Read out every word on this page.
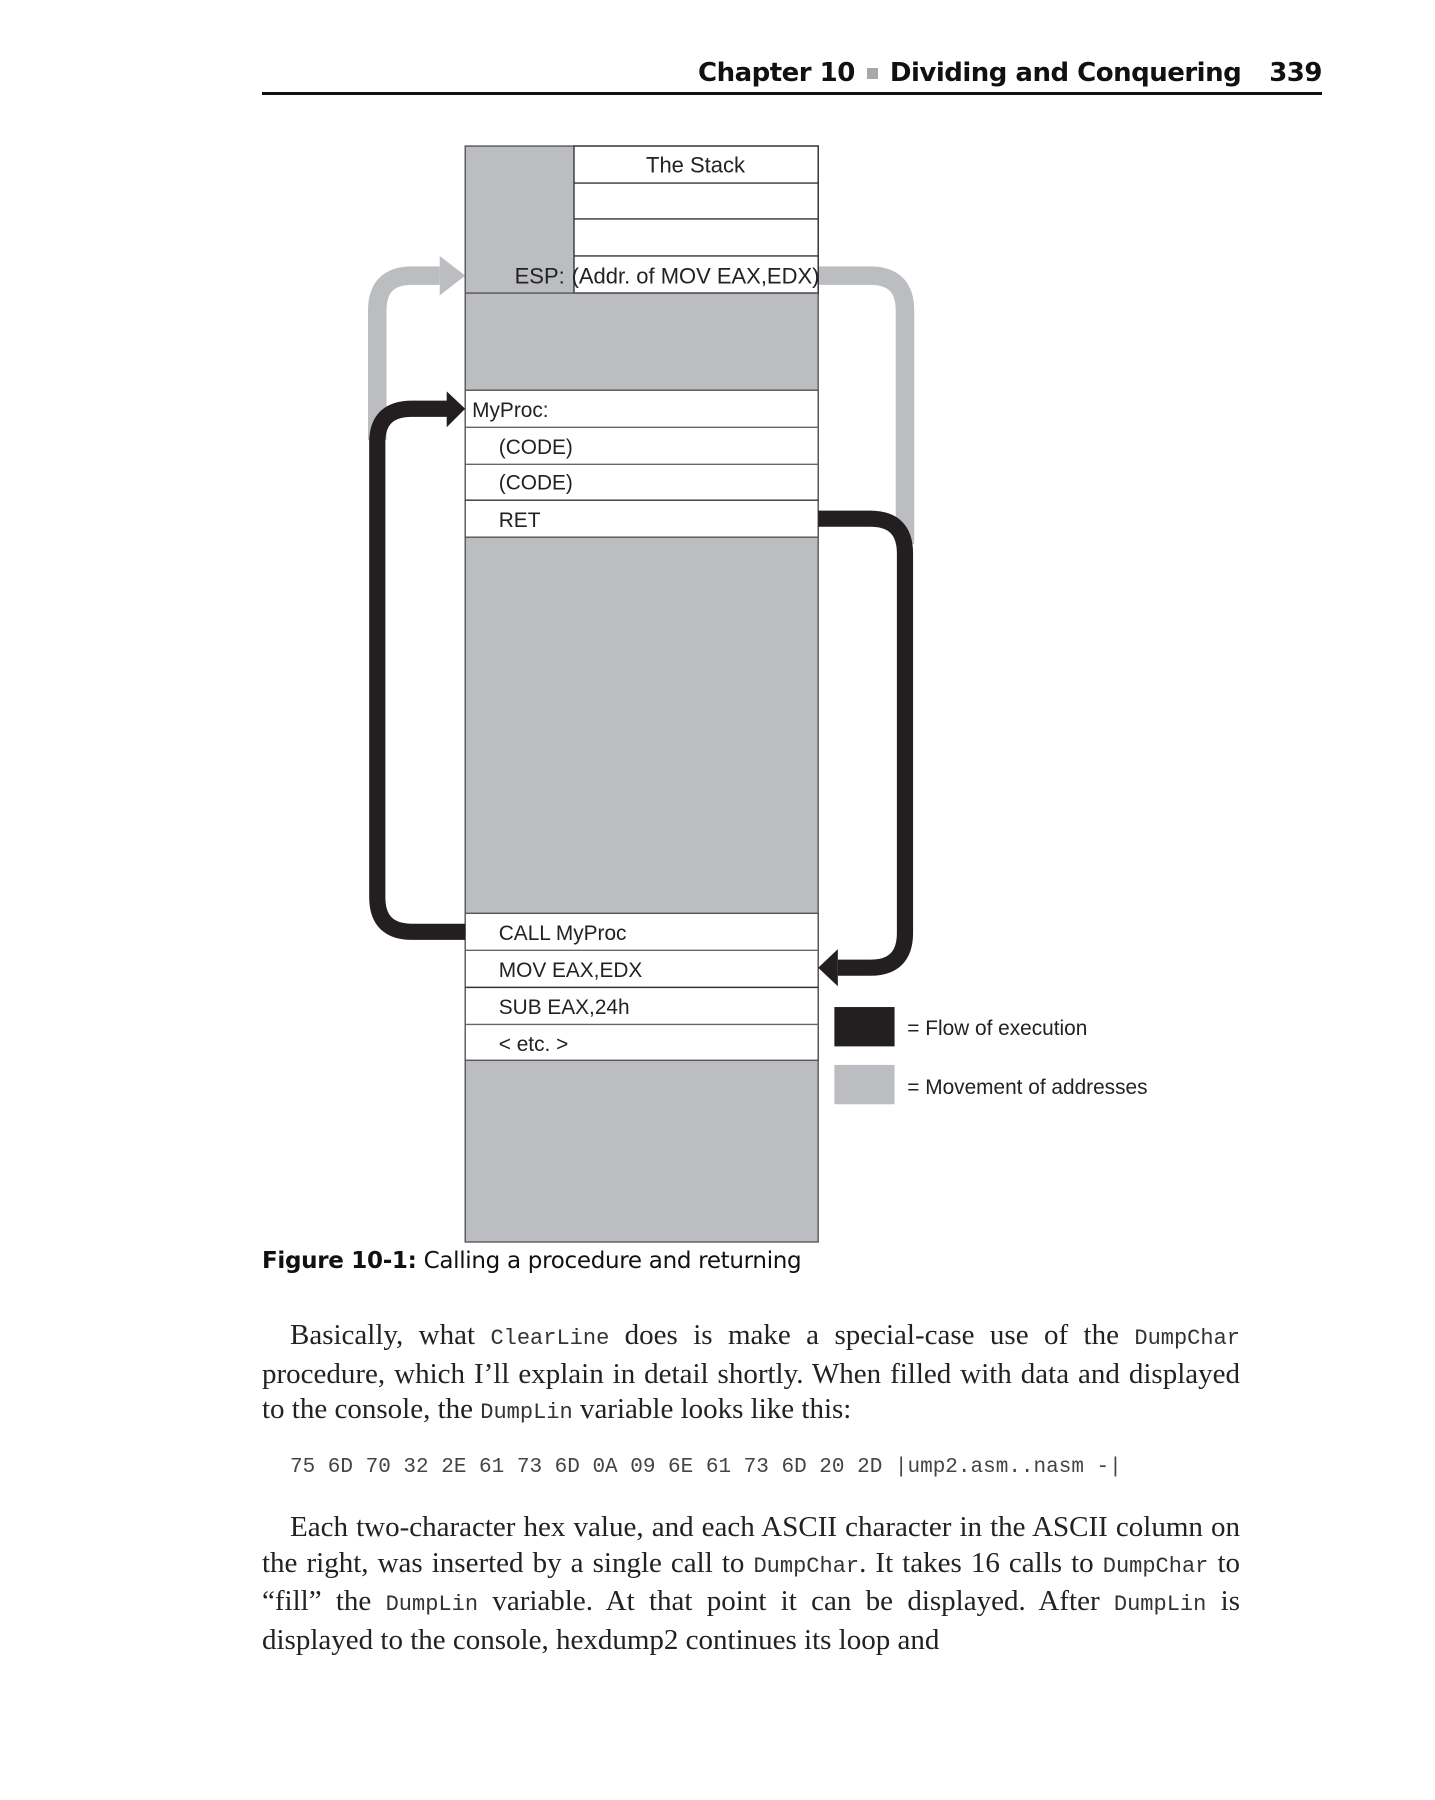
Chapter 10 Dividing and Conquering 339
The Stack
ESP: (Addr. of MOV EAX,EDX)
MyProc:
(CODE)
(CODE)
RET
CALL MyProc
MOV EAX,EDX
SUB EAX,24h
< etc. >
= Flow of execution
= Movement of addresses
Figure 10-1: Calling a procedure and returning
Basically, what ClearLine does is make a special-case use of the DumpChar procedure, which I’ll explain in detail shortly. When filled with data and displayed to the console, the DumpLin variable looks like this:
75 6D 70 32 2E 61 73 6D 0A 09 6E 61 73 6D 20 2D |ump2.asm..nasm -|
Each two-character hex value, and each ASCII character in the ASCII column on the right, was inserted by a single call to DumpChar. It takes 16 calls to DumpChar to “fill” the DumpLin variable. At that point it can be displayed. After DumpLin is displayed to the console, hexdump2 continues its loop and
